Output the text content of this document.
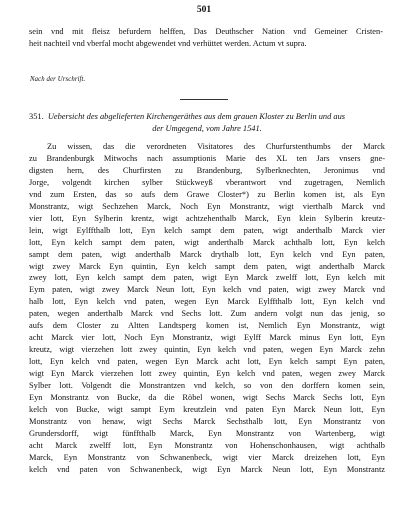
501
sein vnd mit fleisz befurdern helffen, Das Deuthscher Nation vnd Gemeiner Cristen-
heit nachteil vnd vberfal mocht abgewendet vnd verhüttet werden. Actum vt supra.
Nach der Urschrift.
351. Uebersicht des abgelieferten Kirchengeräthes aus dem grauen Kloster zu Berlin und aus
der Umgegend, vom Jahre 1541.
Zu wissen, das die verordneten Visitatores des Churfurstenthumbs der Marck
zu Brandenburgk Mitwochs nach assumptionis Marie des XL ten Jars vnsers gne-
digsten hern, des Churfirsten zu Brandenburg, Sylberknechten, Jeronimus vnd
Jorge, volgendt kirchen sylber Stückweyß vberantwort vnd zugetragen, Nemlich
vnd zum Ersten, das so aufs dem Grawe Closter*) zu Berlin komen ist, als Eyn
Monstrantz, wigt Sechzehen Marck, Noch Eyn Monstrantz, wigt vierthalb Marck vnd
vier lott, Eyn Sylberin krentz, wigt achtzehenthalb Marck, Eyn klein Sylberin kreutz-
lein, wigt Eylffthalb lott, Eyn kelch sampt dem paten, wigt anderthalb Marck vier
lott, Eyn kelch sampt dem paten, wigt anderthalb Marck achthalb lott, Eyn kelch
sampt dem paten, wigt anderthalb Marck drythalb lott, Eyn kelch vnd Eyn paten,
wigt zwey Marck Eyn quintin, Eyn kelch sampt dem paten, wigt anderthalb Marck
zwey lott, Eyn kelch sampt dem paten, wigt Eyn Marck zwelff lott, Eyn kelch mit
Eym paten, wigt zwey Marck Neun lott, Eyn kelch vnd paten, wigt zwey Marck vnd
halb lott, Eyn kelch vnd paten, wegen Eyn Marck Eylffthalb lott, Eyn kelch vnd
paten, wegen anderthalb Marck vnd Sechs lott. Zum andern volgt nun das jenig, so
aufs dem Closter zu Altten Landtsperg komen ist, Nemlich Eyn Monstrantz, wigt
acht Marck vier lott, Noch Eyn Monstrantz, wigt Eylff Marck minus Eyn lott, Eyn
kreutz, wigt vierzehen lott zwey quintin, Eyn kelch vnd paten, wegen Eyn Marck zehn
lott, Eyn kelch vnd paten, wegen Eyn Marck acht lott, Eyn kelch sampt Eyn paten,
wigt Eyn Marck vierzehen lott zwey quintin, Eyn kelch vnd paten, wegen zwey Marck
Sylber lott. Volgendt die Monstrantzen vnd kelch, so von den dorffern komen sein,
Eyn Monstrantz von Bucke, da die Röbel wonen, wigt Sechs Marck Sechs lott, Eyn
kelch von Bucke, wigt sampt Eym kreutzlein vnd paten Eyn Marck Neun lott, Eyn
Monstrantz von henaw, wigt Sechs Marck Sechsthalb lott, Eyn Monstrantz von
Grundersdorff, wigt fünffthalb Marck, Eyn Monstrantz von Wartenberg, wigt
acht Marck zwelff lott, Eyn Monstrantz von Hohenschonhausen, wigt achthalb
Marck, Eyn Monstrantz von Schwanenbeck, wigt vier Marck dreizehen lott, Eyn
kelch vnd paten von Schwanenbeck, wigt Eyn Marck Neun lott, Eyn Monstrantz
